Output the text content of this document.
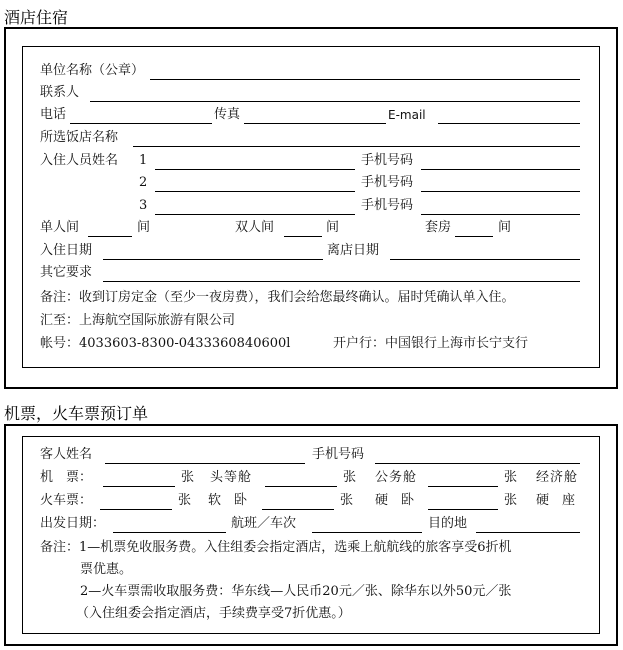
酒店住宿
单位名称（公章）
联系人
电话	传真	E-mail
所选饭店名称
入住人员姓名 1	手机号码
2	手机号码
3	手机号码
单人间	间	双人间	间	套房	间
入住日期	离店日期
其它要求
备注：收到订房定金（至少一夜房费），我们会给您最终确认。届时凭确认单入住。
汇至：上海航空国际旅游有限公司
帐号：4033603-8300-0433360840600l	开户行：中国银行上海市长宁支行
机票，火车票预订单
客人姓名	手机号码
机　票：	张 头等舱	张 公务舱	张 经济舱
火车票：	张 软　卧	张 硬　卧	张 硬　座
出发日期：	航班／车次	目的地
备注：1—机票免收服务费。入住组委会指定酒店，选乘上航航线的旅客享受6折机
票优惠。
2—火车票需收取服务费：华东线—人民币20元／张、除华东以外50元／张
（入住组委会指定酒店，手续费享受7折优惠。）
